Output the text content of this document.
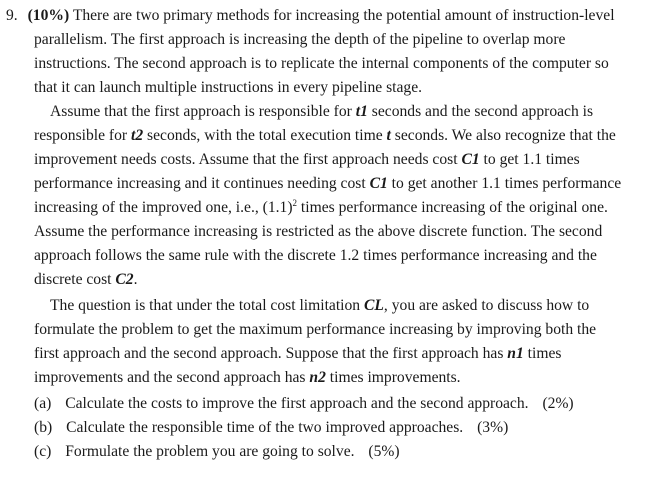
9. (10%) There are two primary methods for increasing the potential amount of instruction-level
parallelism. The first approach is increasing the depth of the pipeline to overlap more
instructions. The second approach is to replicate the internal components of the computer so
that it can launch multiple instructions in every pipeline stage.
Assume that the first approach is responsible for t1 seconds and the second approach is
responsible for t2 seconds, with the total execution time t seconds. We also recognize that the
improvement needs costs. Assume that the first approach needs cost C1 to get 1.1 times
performance increasing and it continues needing cost C1 to get another 1.1 times performance
increasing of the improved one, i.e., $(1.1)^2$ times performance increasing of the original one.
Assume the performance increasing is restricted as the above discrete function. The second
approach follows the same rule with the discrete 1.2 times performance increasing and the
discrete cost C2.
The question is that under the total cost limitation CL, you are asked to discuss how to
formulate the problem to get the maximum performance increasing by improving both the
first approach and the second approach. Suppose that the first approach has n1 times
improvements and the second approach has n2 times improvements.
(a) Calculate the costs to improve the first approach and the second approach. (2%)
(b) Calculate the responsible time of the two improved approaches. (3%)
(c) Formulate the problem you are going to solve. (5%)
